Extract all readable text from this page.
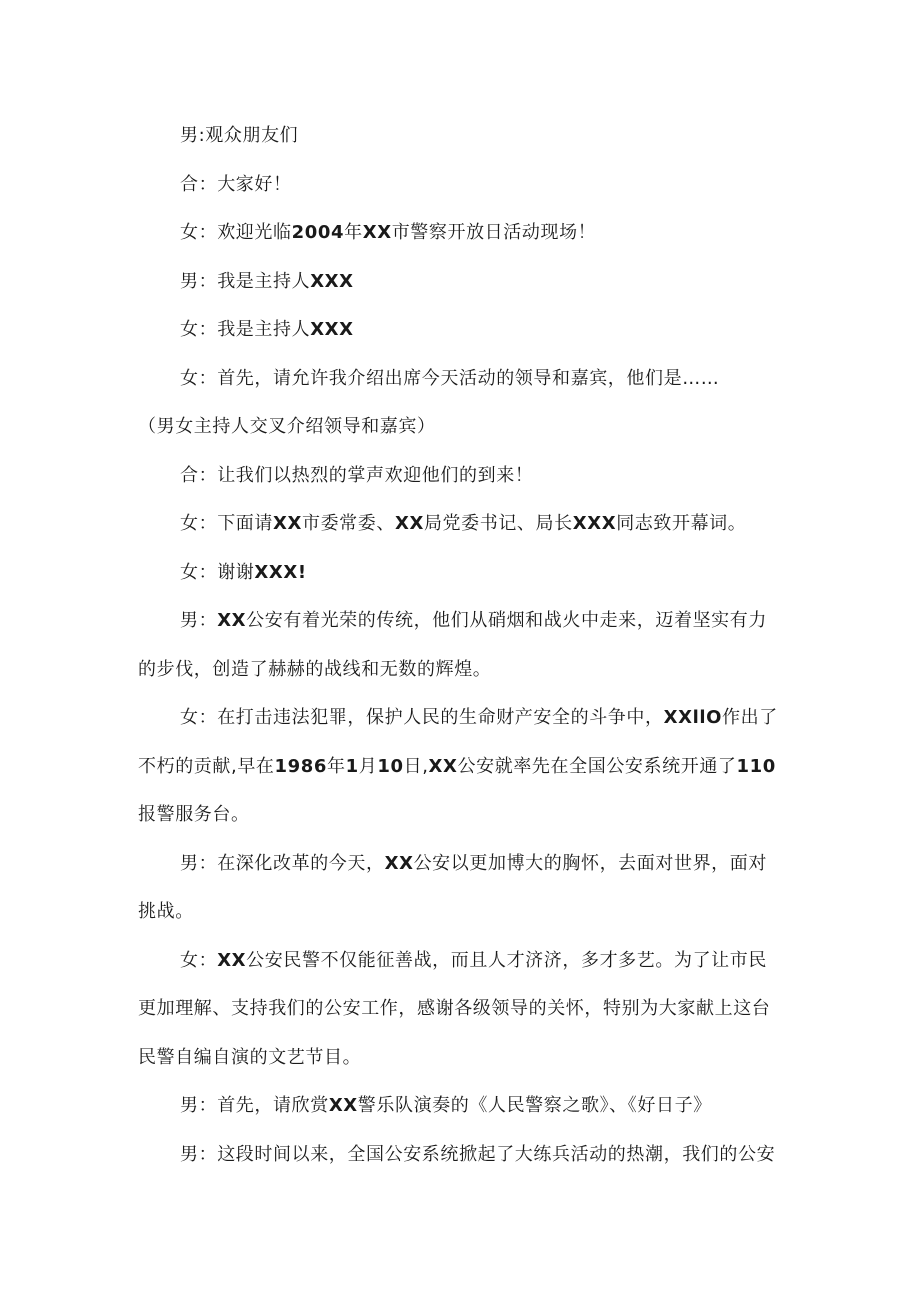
男:观众朋友们

合：大家好！

女：欢迎光临2004年XX市警察开放日活动现场！

男：我是主持人XXX

女：我是主持人XXX

女：首先，请允许我介绍出席今天活动的领导和嘉宾，他们是……

（男女主持人交叉介绍领导和嘉宾）

合：让我们以热烈的掌声欢迎他们的到来！

女：下面请XX市委常委、XX局党委书记、局长XXX同志致开幕词。

女：谢谢XXX!

男：XX公安有着光荣的传统，他们从硝烟和战火中走来，迈着坚实有力的步伐，创造了赫赫的战线和无数的辉煌。

女：在打击违法犯罪，保护人民的生命财产安全的斗争中，XXllO作出了不朽的贡献,早在1986年1月10日,XX公安就率先在全国公安系统开通了110报警服务台。

男：在深化改革的今天，XX公安以更加博大的胸怀，去面对世界，面对挑战。

女：XX公安民警不仅能征善战，而且人才济济，多才多艺。为了让市民更加理解、支持我们的公安工作，感谢各级领导的关怀，特别为大家献上这台民警自编自演的文艺节目。

男：首先，请欣赏XX警乐队演奏的《人民警察之歌》、《好日子》

男：这段时间以来，全国公安系统掀起了大练兵活动的热潮，我们的公安
